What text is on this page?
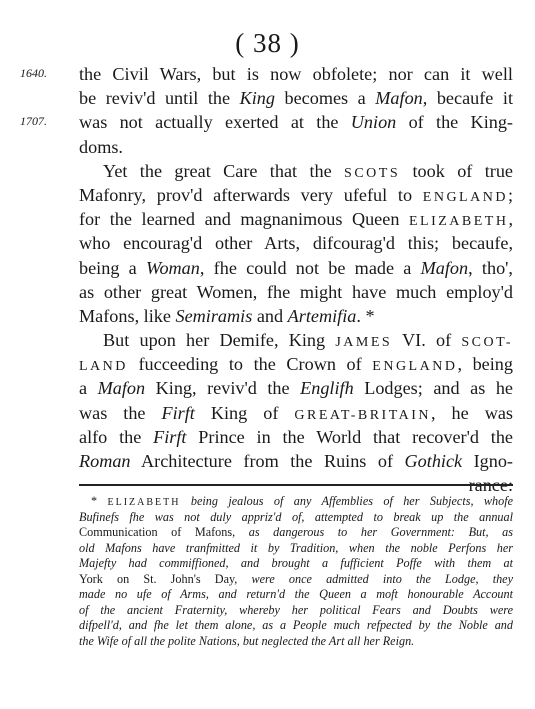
( 38 )
1640.
1707.
the Civil Wars, but is now obfolete; nor can it well
be reviv'd until the King becomes a Mafon, becaufe it
was not actually exerted at the Union of the King-
doms.
Yet the great Care that the SCOTS took of true
Mafonry, prov'd afterwards very ufeful to ENGLAND;
for the learned and magnanimous Queen ELIZABETH,
who encourag'd other Arts, difcourag'd this; becaufe,
being a Woman, fhe could not be made a Mafon, tho',
as other great Women, fhe might have much employ'd
Mafons, like Semiramis and Artemifia. *
But upon her Demife, King JAMES VI. of SCOT-
LAND fucceeding to the Crown of ENGLAND, being
a Mafon King, reviv'd the Englifh Lodges; and as he
was the Firft King of GREAT-BRITAIN, he was
alfo the Firft Prince in the World that recover'd the
Roman Architecture from the Ruins of Gothick Igno-
rance:
* ELIZABETH being jealous of any Affemblies of her Subjects, whofe
Bufinefs fhe was not duly appriz'd of, attempted to break up the annual
Communication of Mafons, as dangerous to her Government: But, as
old Mafons have tranfmitted it by Tradition, when the noble Perfons her
Majefty had commiffioned, and brought a fufficient Poffe with them at
York on St. John's Day, were once admitted into the Lodge, they
made no ufe of Arms, and return'd the Queen a moft honourable Account
of the ancient Fraternity, whereby her political Fears and Doubts were
difpell'd, and fhe let them alone, as a People much refpected by the Noble and
the Wife of all the polite Nations, but neglected the Art all her Reign.
